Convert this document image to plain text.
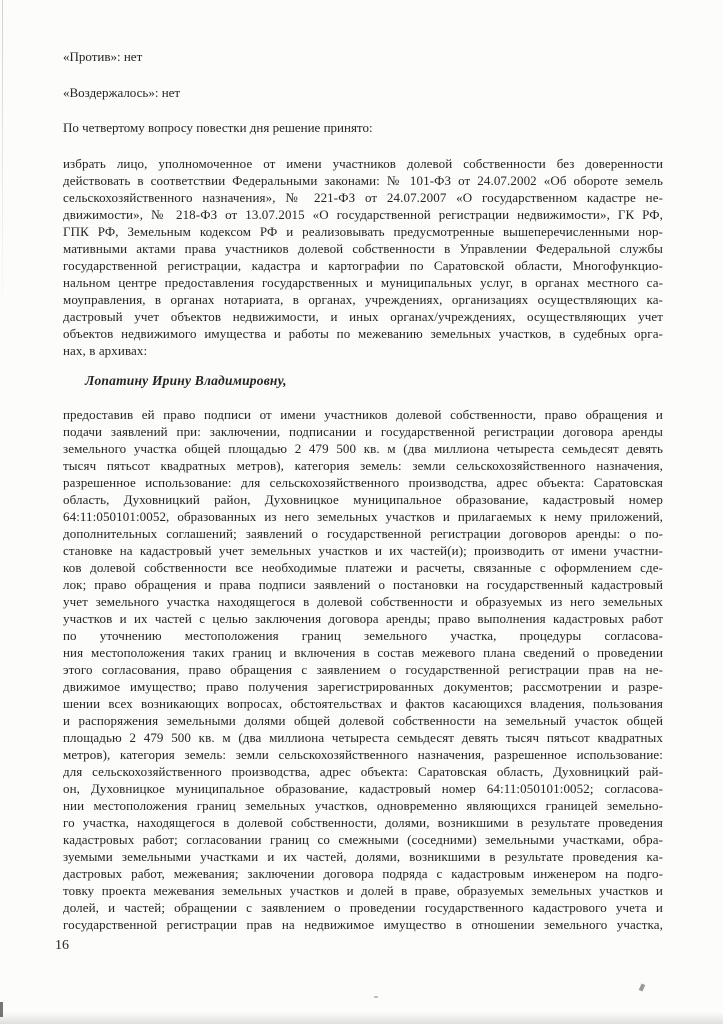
«Против»: нет
«Воздержалось»: нет
По четвертому вопросу повестки дня решение принято:
избрать лицо, уполномоченное от имени участников долевой собственности без доверенности
действовать в соответствии Федеральными законами: № 101-ФЗ от 24.07.2002 «Об обороте земель
сельскохозяйственного назначения», № 221-ФЗ от 24.07.2007 «О государственном кадастре не-
движимости», № 218-ФЗ от 13.07.2015 «О государственной регистрации недвижимости», ГК РФ,
ГПК РФ, Земельным кодексом РФ и реализовывать предусмотренные вышеперечисленными нор-
мативными актами права участников долевой собственности в Управлении Федеральной службы
государственной регистрации, кадастра и картографии по Саратовской области, Многофункцио-
нальном центре предоставления государственных и муниципальных услуг, в органах местного са-
моуправления, в органах нотариата, в органах, учреждениях, организациях осуществляющих ка-
дастровый учет объектов недвижимости, и иных органах/учреждениях, осуществляющих учет
объектов недвижимого имущества и работы по межеванию земельных участков, в судебных орга-
нах, в архивах:
Лопатину Ирину Владимировну,
предоставив ей право подписи от имени участников долевой собственности, право обращения и
подачи заявлений при: заключении, подписании и государственной регистрации договора аренды
земельного участка общей площадью 2 479 500 кв. м (два миллиона четыреста семьдесят девять
тысяч пятьсот квадратных метров), категория земель: земли сельскохозяйственного назначения,
разрешенное использование: для сельскохозяйственного производства, адрес объекта: Саратовская
область, Духовницкий район, Духовницкое муниципальное образование, кадастровый номер
64:11:050101:0052, образованных из него земельных участков и прилагаемых к нему приложений,
дополнительных соглашений; заявлений о государственной регистрации договоров аренды: о по-
становке на кадастровый учет земельных участков и их частей(и); производить от имени участни-
ков долевой собственности все необходимые платежи и расчеты, связанные с оформлением сде-
лок; право обращения и права подписи заявлений о постановки на государственный кадастровый
учет земельного участка находящегося в долевой собственности и образуемых из него земельных
участков и их частей с целью заключения договора аренды; право выполнения кадастровых работ
по уточнению местоположения границ земельного участка, процедуры согласова-
ния местоположения таких границ и включения в состав межевого плана сведений о проведении
этого согласования, право обращения с заявлением о государственной регистрации прав на не-
движимое имущество; право получения зарегистрированных документов; рассмотрении и разре-
шении всех возникающих вопросах, обстоятельствах и фактов касающихся владения, пользования
и распоряжения земельными долями общей долевой собственности на земельный участок общей
площадью 2 479 500 кв. м (два миллиона четыреста семьдесят девять тысяч пятьсот квадратных
метров), категория земель: земли сельскохозяйственного назначения, разрешенное использование:
для сельскохозяйственного производства, адрес объекта: Саратовская область, Духовницкий рай-
он, Духовницкое муниципальное образование, кадастровый номер 64:11:050101:0052; согласова-
нии местоположения границ земельных участков, одновременно являющихся границей земельно-
го участка, находящегося в долевой собственности, долями, возникшими в результате проведения
кадастровых работ; согласовании границ со смежными (соседними) земельными участками, обра-
зуемыми земельными участками и их частей, долями, возникшими в результате проведения ка-
дастровых работ, межевания; заключении договора подряда с кадастровым инженером на подго-
товку проекта межевания земельных участков и долей в праве, образуемых земельных участков и
долей, и частей; обращении с заявлением о проведении государственного кадастрового учета и
государственной регистрации прав на недвижимое имущество в отношении земельного участка,
16
